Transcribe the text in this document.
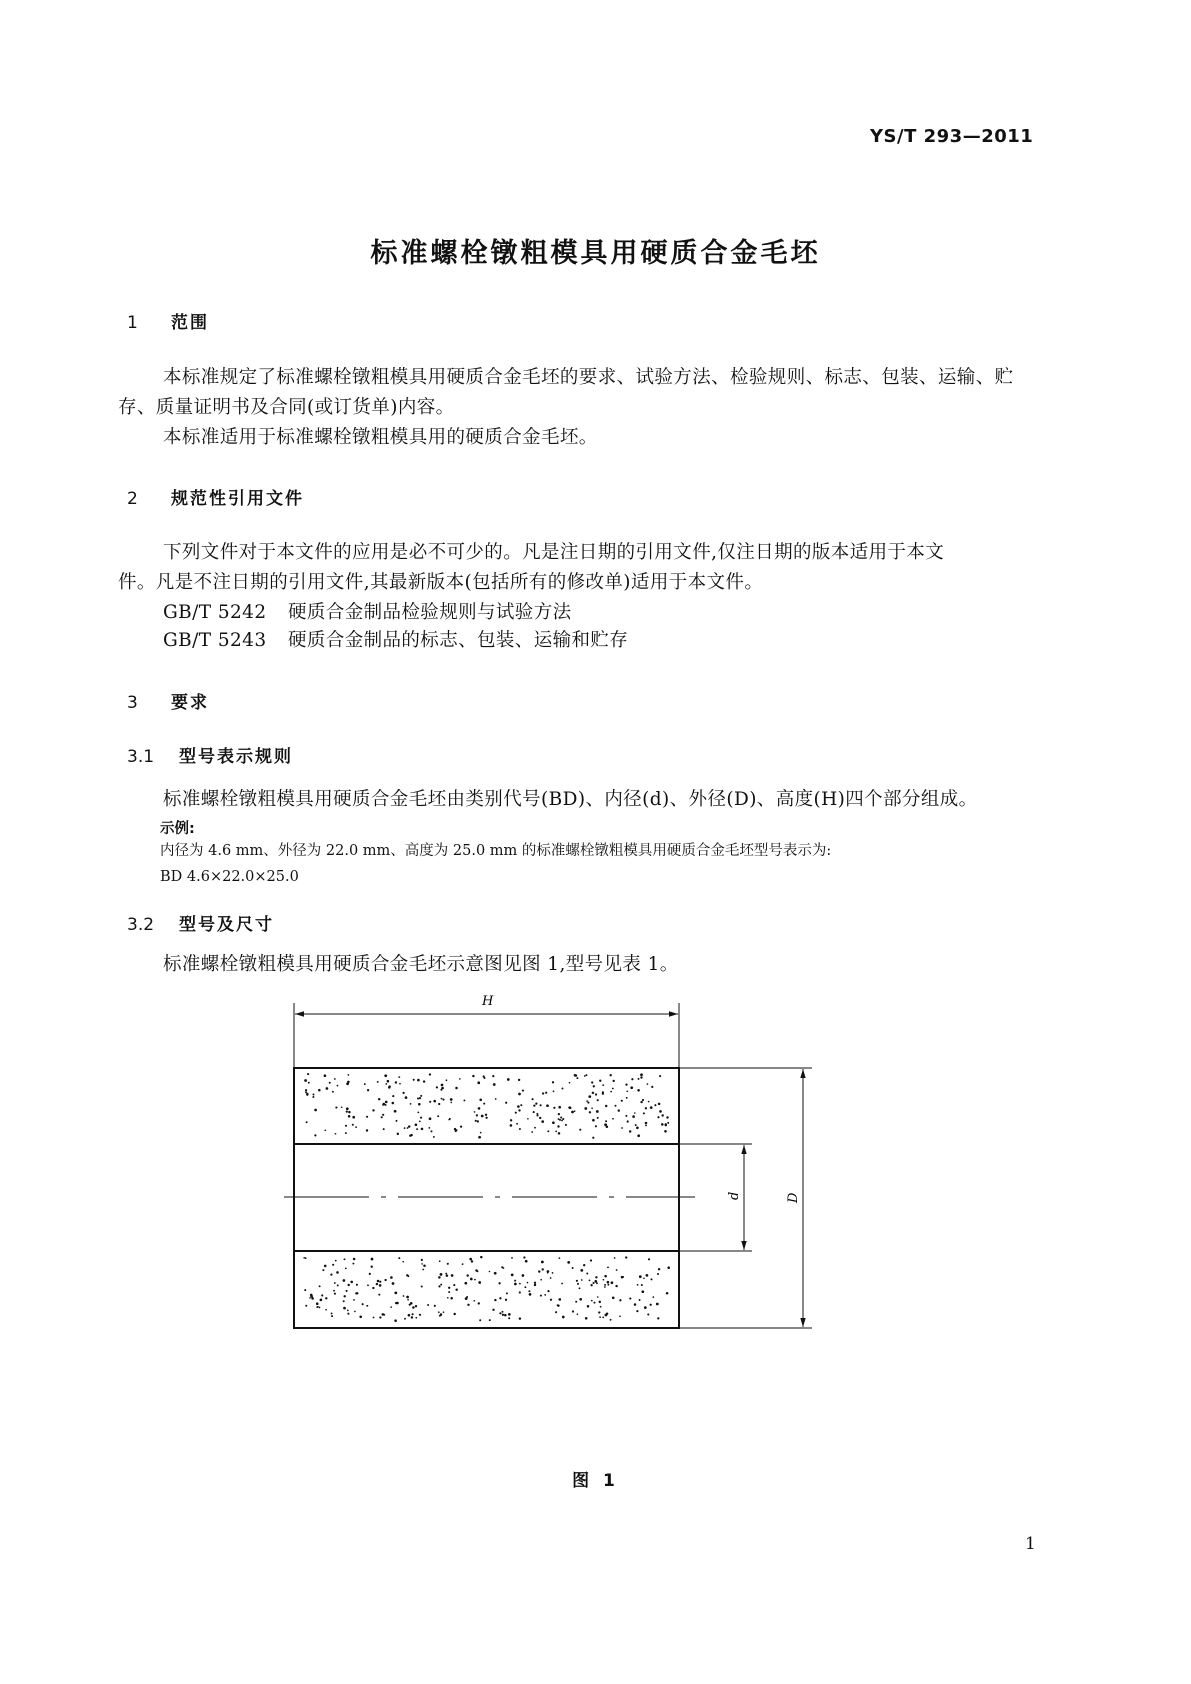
YS/T 293—2011
标准螺栓镦粗模具用硬质合金毛坯
1 范围
本标准规定了标准螺栓镦粗模具用硬质合金毛坯的要求、试验方法、检验规则、标志、包装、运输、贮
存、质量证明书及合同(或订货单)内容。
本标准适用于标准螺栓镦粗模具用的硬质合金毛坯。
2 规范性引用文件
下列文件对于本文件的应用是必不可少的。凡是注日期的引用文件,仅注日期的版本适用于本文
件。凡是不注日期的引用文件,其最新版本(包括所有的修改单)适用于本文件。
GB/T 5242 硬质合金制品检验规则与试验方法
GB/T 5243 硬质合金制品的标志、包装、运输和贮存
3 要求
3.1 型号表示规则
标准螺栓镦粗模具用硬质合金毛坯由类别代号(BD)、内径(d)、外径(D)、高度(H)四个部分组成。
示例:
内径为 4.6 mm、外径为 22.0 mm、高度为 25.0 mm 的标准螺栓镦粗模具用硬质合金毛坯型号表示为:
BD 4.6×22.0×25.0
3.2 型号及尺寸
标准螺栓镦粗模具用硬质合金毛坯示意图见图 1,型号见表 1。
H
d	D
图 1
1
